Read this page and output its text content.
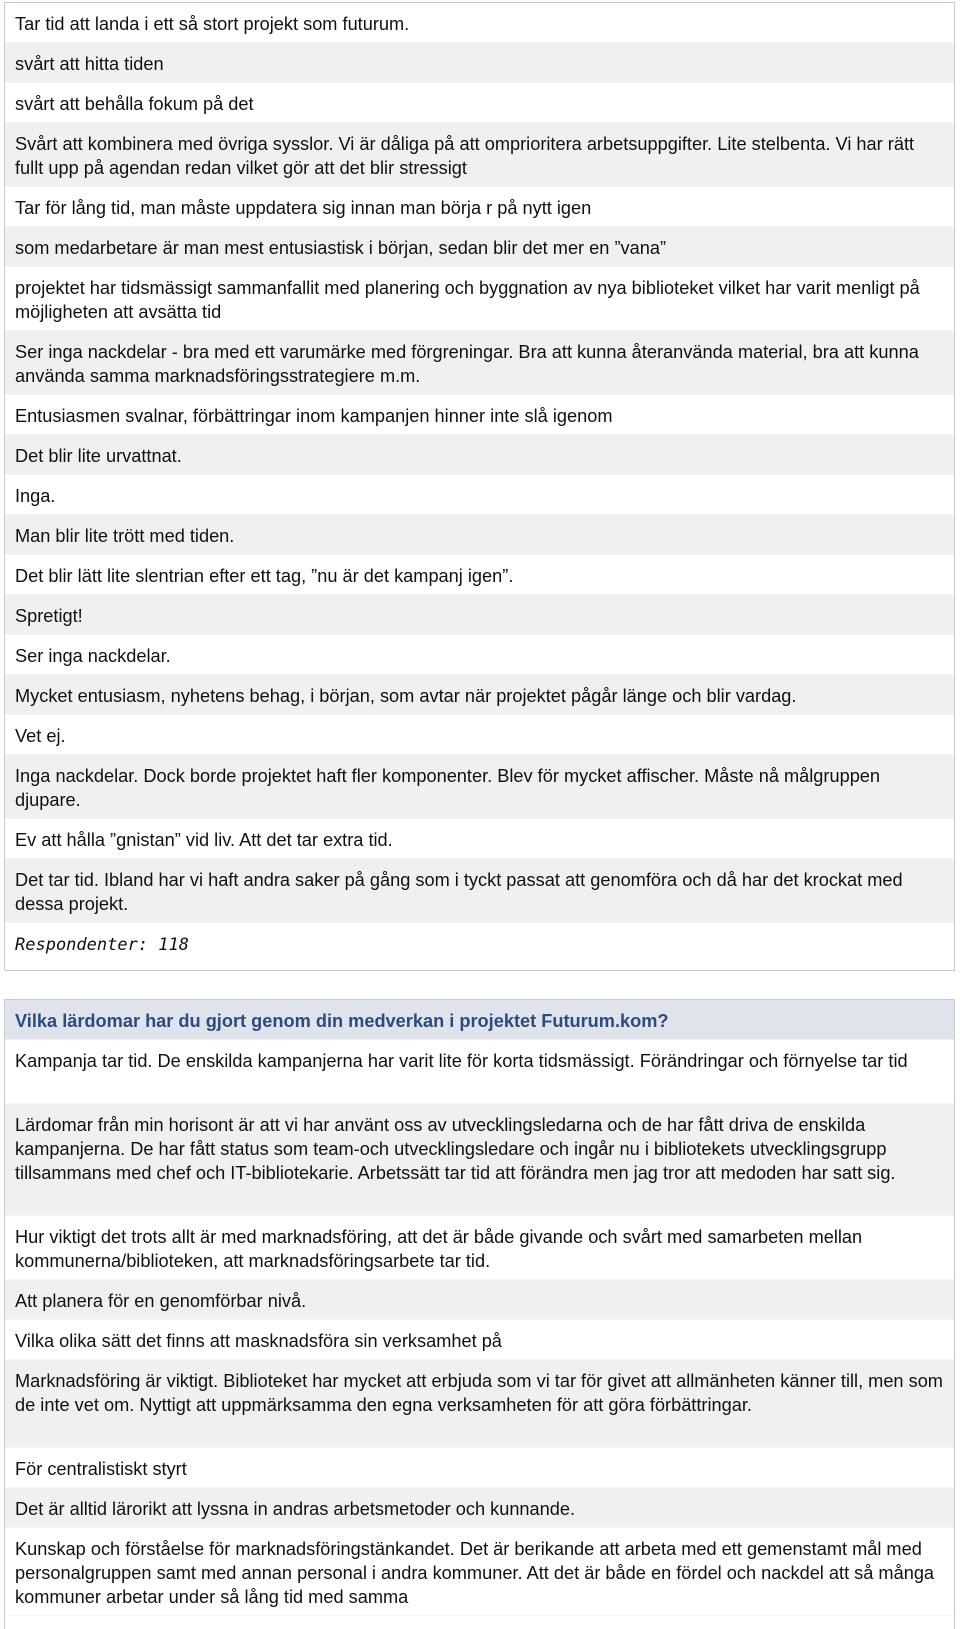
Tar tid att landa i ett så stort projekt som futurum.
svårt att hitta tiden
svårt att behålla fokum på det
Svårt att kombinera med övriga sysslor. Vi är dåliga på att omprioritera arbetsuppgifter. Lite stelbenta. Vi har rätt fullt upp på agendan redan vilket gör att det blir stressigt
Tar för lång tid, man måste uppdatera sig innan man börja r på nytt igen
som medarbetare är man mest entusiastisk i början, sedan blir det mer en ”vana”
projektet har tidsmässigt sammanfallit med planering och byggnation av nya biblioteket vilket har varit menligt på möjligheten att avsätta tid
Ser inga nackdelar - bra med ett varumärke med förgreningar. Bra att kunna återanvända material, bra att kunna använda samma marknadsföringsstrategiere m.m.
Entusiasmen svalnar, förbättringar inom kampanjen hinner inte slå igenom
Det blir lite urvattnat.
Inga.
Man blir lite trött med tiden.
Det blir lätt lite slentrian efter ett tag, ”nu är det kampanj igen”.
Spretigt!
Ser inga nackdelar.
Mycket entusiasm, nyhetens behag, i början, som avtar när projektet pågår länge och blir vardag.
Vet ej.
Inga nackdelar. Dock borde projektet haft fler komponenter. Blev för mycket affischer. Måste nå målgruppen djupare.
Ev att hålla ”gnistan” vid liv. Att det tar extra tid.
Det tar tid. Ibland har vi haft andra saker på gång som i tyckt passat att genomföra och då har det krockat med dessa projekt.
Respondenter: 118
Vilka lärdomar har du gjort genom din medverkan i projektet Futurum.kom?
Kampanja tar tid. De enskilda kampanjerna har varit lite för korta tidsmässigt. Förändringar och förnyelse tar tid
Lärdomar från min horisont är att vi har använt oss av utvecklingsledarna och de har fått driva de enskilda kampanjerna. De har fått status som team-och utvecklingsledare och ingår nu i bibliotekets utvecklingsgrupp tillsammans med chef och IT-bibliotekarie. Arbetssätt tar tid att förändra men jag tror att medoden har satt sig.
Hur viktigt det trots allt är med marknadsföring, att det är både givande och svårt med samarbeten mellan kommunerna/biblioteken, att marknadsföringsarbete tar tid.
Att planera för en genomförbar nivå.
Vilka olika sätt det finns att masknadsföra sin verksamhet på
Marknadsföring är viktigt. Biblioteket har mycket att erbjuda som vi tar för givet att allmänheten känner till, men som de inte vet om. Nyttigt att uppmärksamma den egna verksamheten för att göra förbättringar.
För centralistiskt styrt
Det är alltid lärorikt att lyssna in andras arbetsmetoder och kunnande.
Kunskap och förståelse för marknadsföringstänkandet. Det är berikande att arbeta med ett gemenstamt mål med personalgruppen samt med annan personal i andra kommuner. Att det är både en fördel och nackdel att så många kommuner arbetar under så lång tid med samma
